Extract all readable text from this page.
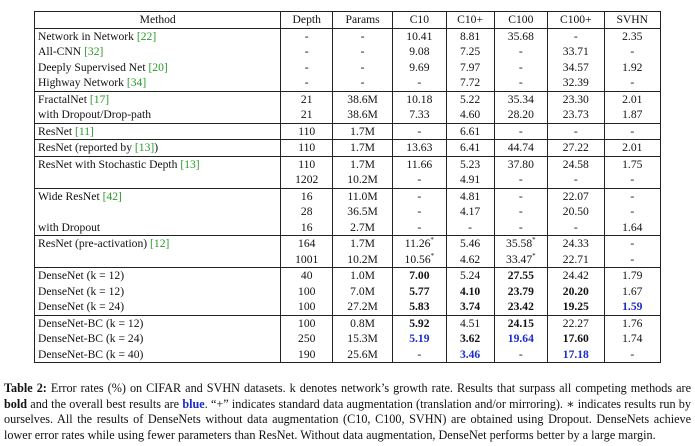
Method	Depth	Params	C10	C10+	C100	C100+	SVHN
Network in Network [22]	-	-	10.41	8.81	35.68	-	2.35
All-CNN [32]	-	-	9.08	7.25	-	33.71	-
Deeply Supervised Net [20]	-	-	9.69	7.97	-	34.57	1.92
Highway Network [34]	-	-	-	7.72	-	32.39	-
FractalNet [17]	21	38.6M	10.18	5.22	35.34	23.30	2.01
with Dropout/Drop-path	21	38.6M	7.33	4.60	28.20	23.73	1.87
ResNet [11]	110	1.7M	-	6.61	-	-	-
ResNet (reported by [13])	110	1.7M	13.63	6.41	44.74	27.22	2.01
ResNet with Stochastic Depth [13]	110	1.7M	11.66	5.23	37.80	24.58	1.75
	1202	10.2M	-	4.91	-	-	-
Wide ResNet [42]	16	11.0M	-	4.81	-	22.07	-
	28	36.5M	-	4.17	-	20.50	-
with Dropout	16	2.7M	-	-	-	-	1.64
ResNet (pre-activation) [12]	164	1.7M	11.26*	5.46	35.58*	24.33	-
	1001	10.2M	10.56*	4.62	33.47*	22.71	-
DenseNet (k = 12)	40	1.0M	7.00	5.24	27.55	24.42	1.79
DenseNet (k = 12)	100	7.0M	5.77	4.10	23.79	20.20	1.67
DenseNet (k = 24)	100	27.2M	5.83	3.74	23.42	19.25	1.59
DenseNet-BC (k = 12)	100	0.8M	5.92	4.51	24.15	22.27	1.76
DenseNet-BC (k = 24)	250	15.3M	5.19	3.62	19.64	17.60	1.74
DenseNet-BC (k = 40)	190	25.6M	-	3.46	-	17.18	-
Table 2: Error rates (%) on CIFAR and SVHN datasets. k denotes network’s growth rate. Results that surpass all competing methods are bold and the overall best results are blue. “+” indicates standard data augmentation (translation and/or mirroring). ∗ indicates results run by ourselves. All the results of DenseNets without data augmentation (C10, C100, SVHN) are obtained using Dropout. DenseNets achieve lower error rates while using fewer parameters than ResNet. Without data augmentation, DenseNet performs better by a large margin.
